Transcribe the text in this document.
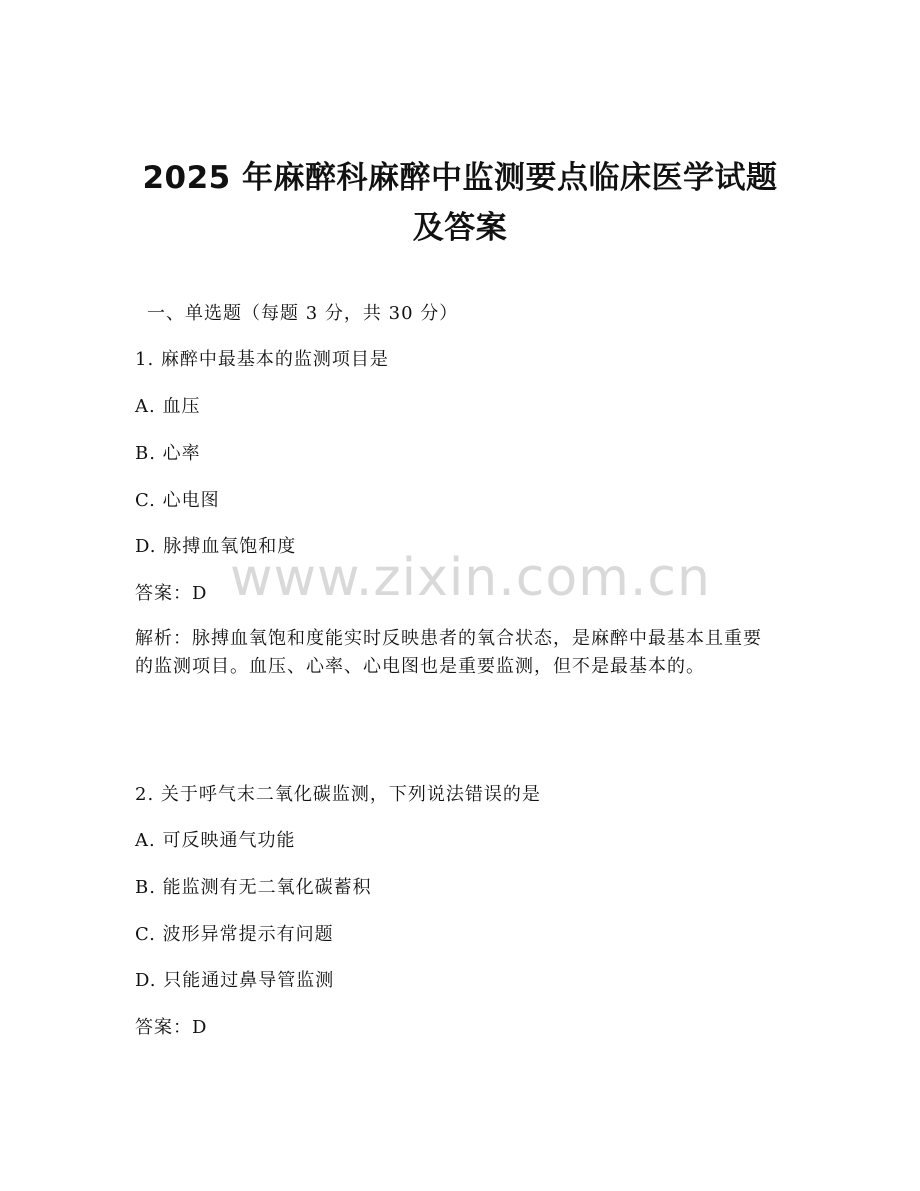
2025 年麻醉科麻醉中监测要点临床医学试题
及答案
一、单选题（每题 3 分，共 30 分）
1. 麻醉中最基本的监测项目是
A. 血压
B. 心率
C. 心电图
D. 脉搏血氧饱和度
答案：D
解析：脉搏血氧饱和度能实时反映患者的氧合状态，是麻醉中最基本且重要的监测项目。血压、心率、心电图也是重要监测，但不是最基本的。
2. 关于呼气末二氧化碳监测，下列说法错误的是
A. 可反映通气功能
B. 能监测有无二氧化碳蓄积
C. 波形异常提示有问题
D. 只能通过鼻导管监测
答案：D
www.zixin.com.cn
